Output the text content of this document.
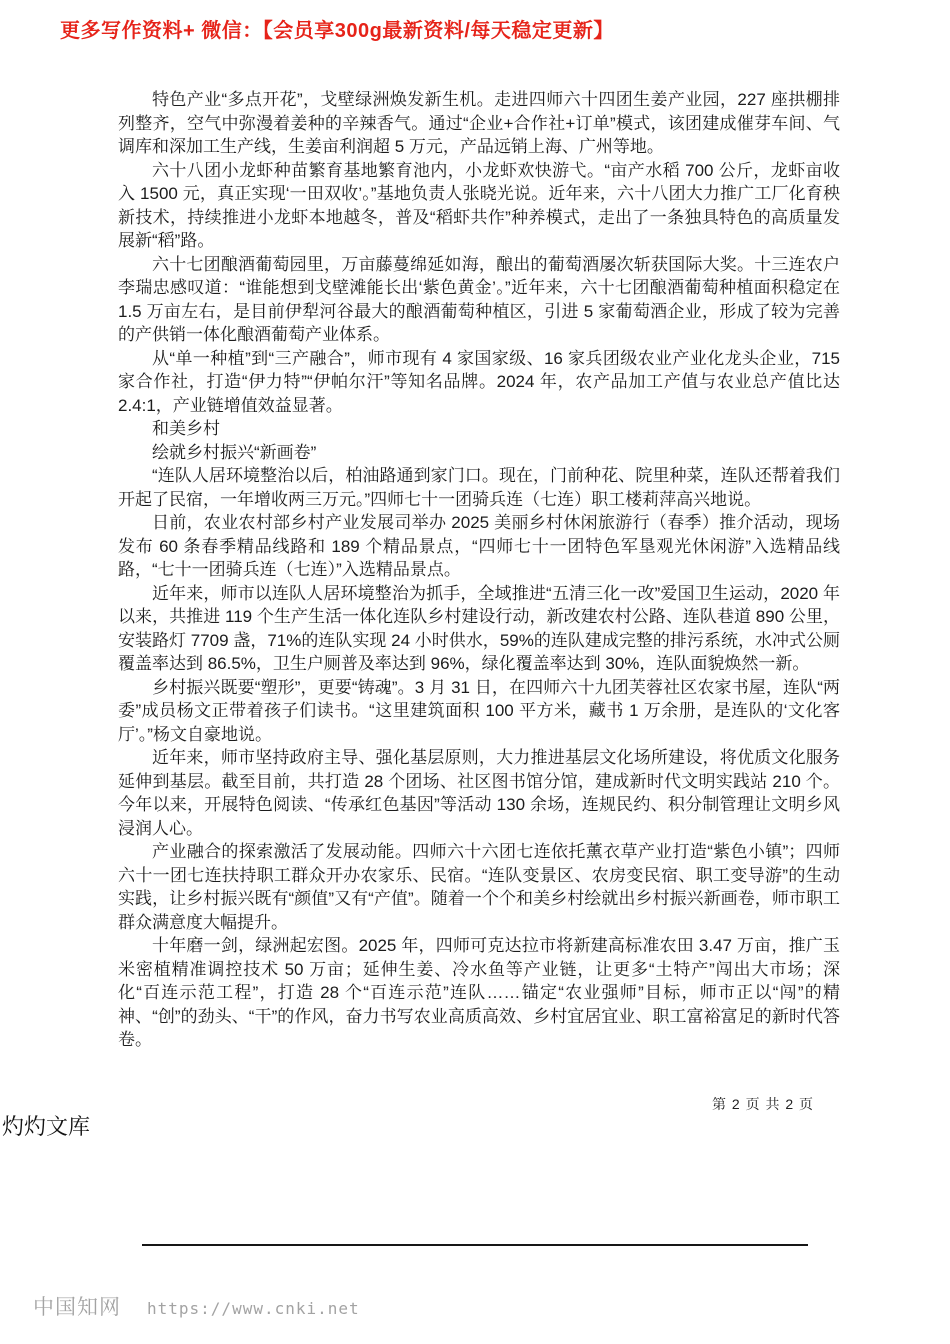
更多写作资料+ 微信：【会员享300g最新资料/每天稳定更新】

特色产业“多点开花”，戈壁绿洲焕发新生机。走进四师六十四团生姜产业园，227 座拱棚排列整齐，空气中弥漫着姜种的辛辣香气。通过“企业+合作社+订单”模式，该团建成催芽车间、气调库和深加工生产线，生姜亩利润超 5 万元，产品远销上海、广州等地。

六十八团小龙虾种苗繁育基地繁育池内，小龙虾欢快游弋。“亩产水稻 700 公斤，龙虾亩收入 1500 元，真正实现‘一田双收’。”基地负责人张晓光说。近年来，六十八团大力推广工厂化育秧新技术，持续推进小龙虾本地越冬，普及“稻虾共作”种养模式，走出了一条独具特色的高质量发展新“稻”路。

六十七团酿酒葡萄园里，万亩藤蔓绵延如海，酿出的葡萄酒屡次斩获国际大奖。十三连农户李瑞忠感叹道：“谁能想到戈壁滩能长出‘紫色黄金’。”近年来，六十七团酿酒葡萄种植面积稳定在 1.5 万亩左右，是目前伊犁河谷最大的酿酒葡萄种植区，引进 5 家葡萄酒企业，形成了较为完善的产供销一体化酿酒葡萄产业体系。

从“单一种植”到“三产融合”，师市现有 4 家国家级、16 家兵团级农业产业化龙头企业，715 家合作社，打造“伊力特”“伊帕尔汗”等知名品牌。2024 年，农产品加工产值与农业总产值比达 2.4:1，产业链增值效益显著。

和美乡村

绘就乡村振兴“新画卷”

“连队人居环境整治以后，柏油路通到家门口。现在，门前种花、院里种菜，连队还帮着我们开起了民宿，一年增收两三万元。”四师七十一团骑兵连（七连）职工楼莉萍高兴地说。

日前，农业农村部乡村产业发展司举办 2025 美丽乡村休闲旅游行（春季）推介活动，现场发布 60 条春季精品线路和 189 个精品景点，“四师七十一团特色军垦观光休闲游”入选精品线路，“七十一团骑兵连（七连）”入选精品景点。

近年来，师市以连队人居环境整治为抓手，全域推进“五清三化一改”爱国卫生运动，2020 年以来，共推进 119 个生产生活一体化连队乡村建设行动，新改建农村公路、连队巷道 890 公里，安装路灯 7709 盏，71%的连队实现 24 小时供水，59%的连队建成完整的排污系统，水冲式公厕覆盖率达到 86.5%，卫生户厕普及率达到 96%，绿化覆盖率达到 30%，连队面貌焕然一新。

乡村振兴既要“塑形”，更要“铸魂”。3 月 31 日，在四师六十九团芙蓉社区农家书屋，连队“两委”成员杨文正带着孩子们读书。“这里建筑面积 100 平方米，藏书 1 万余册，是连队的‘文化客厅’。”杨文自豪地说。

近年来，师市坚持政府主导、强化基层原则，大力推进基层文化场所建设，将优质文化服务延伸到基层。截至目前，共打造 28 个团场、社区图书馆分馆，建成新时代文明实践站 210 个。今年以来，开展特色阅读、“传承红色基因”等活动 130 余场，连规民约、积分制管理让文明乡风浸润人心。

产业融合的探索激活了发展动能。四师六十六团七连依托薰衣草产业打造“紫色小镇”；四师六十一团七连扶持职工群众开办农家乐、民宿。“连队变景区、农房变民宿、职工变导游”的生动实践，让乡村振兴既有“颜值”又有“产值”。随着一个个和美乡村绘就出乡村振兴新画卷，师市职工群众满意度大幅提升。

十年磨一剑，绿洲起宏图。2025 年，四师可克达拉市将新建高标准农田 3.47 万亩，推广玉米密植精准调控技术 50 万亩；延伸生姜、冷水鱼等产业链，让更多“土特产”闯出大市场；深化“百连示范工程”，打造 28 个“百连示范”连队……锚定“农业强师”目标，师市正以“闯”的精神、“创”的劲头、“干”的作风，奋力书写农业高质高效、乡村宜居宜业、职工富裕富足的新时代答卷。

第 2 页 共 2 页
灼灼文库
中国知网 https://www.cnki.net
